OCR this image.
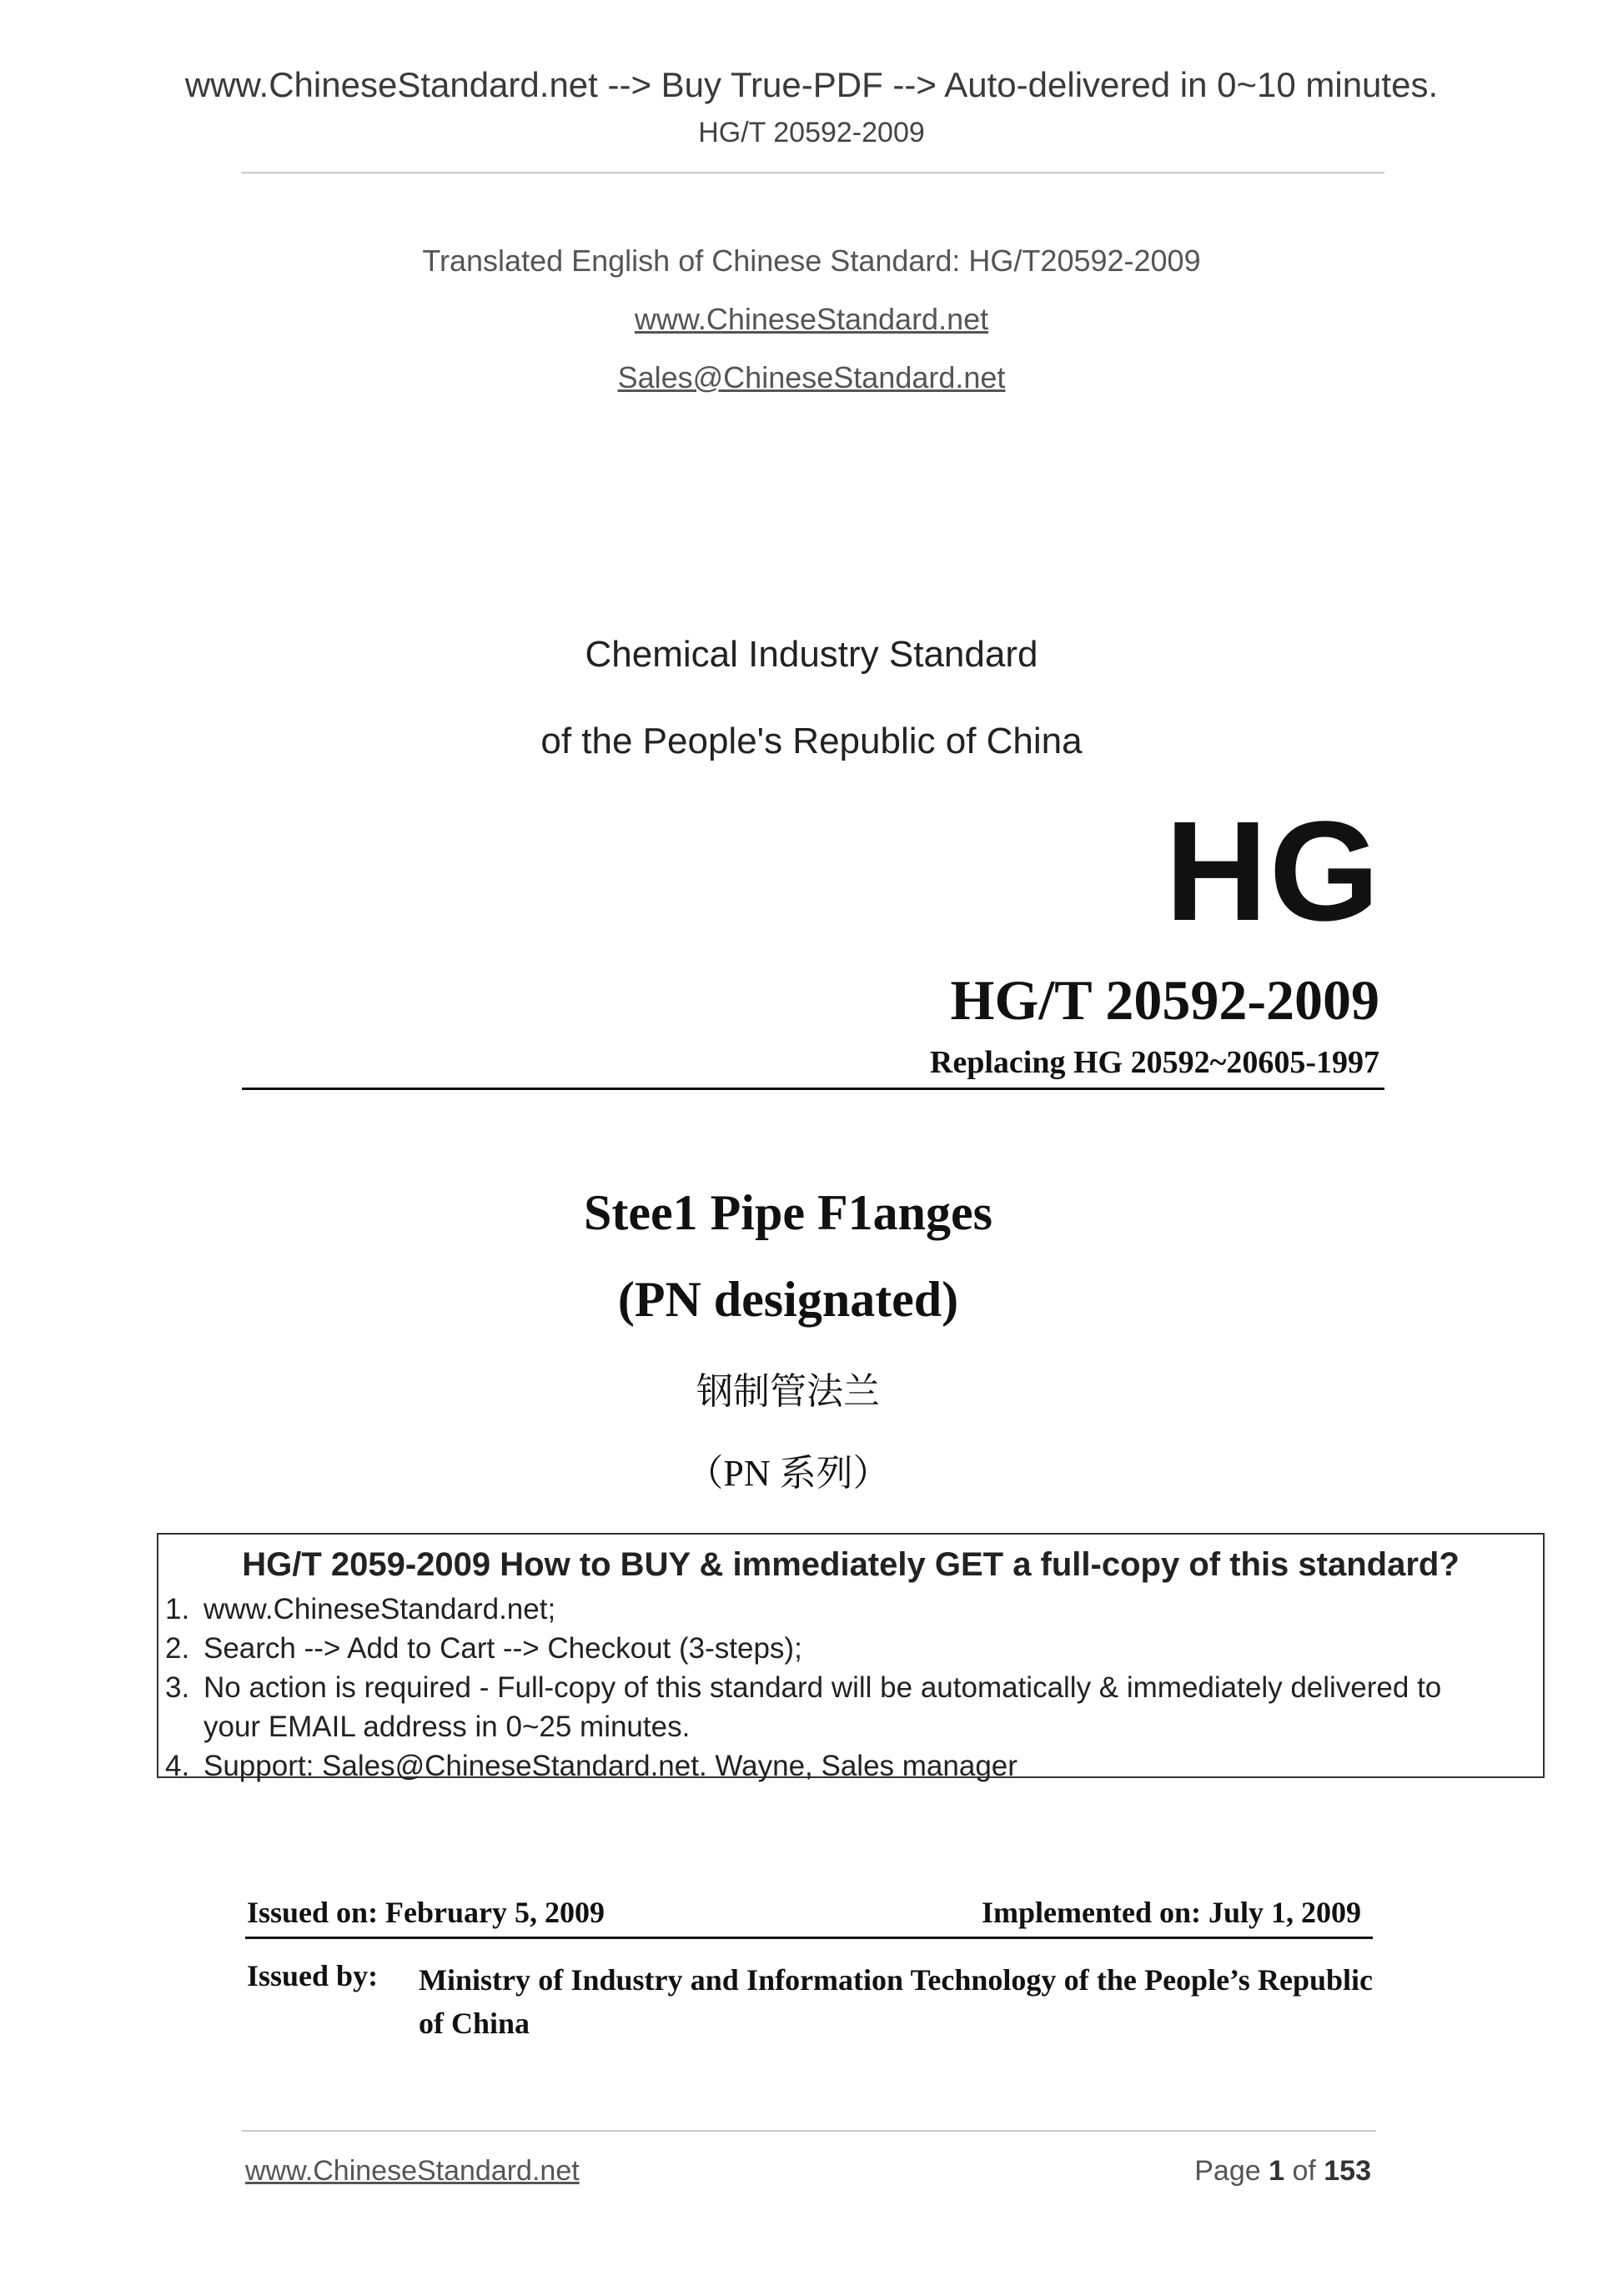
www.ChineseStandard.net --> Buy True-PDF --> Auto-delivered in 0~10 minutes.
HG/T 20592-2009
Translated English of Chinese Standard: HG/T20592-2009
www.ChineseStandard.net
Sales@ChineseStandard.net
Chemical Industry Standard
of the People's Republic of China
HG
HG/T 20592-2009
Replacing HG 20592~20605-1997
Stee1 Pipe F1anges
(PN designated)
钢制管法兰
（PN 系列）
HG/T 2059-2009 How to BUY & immediately GET a full-copy of this standard?
1. www.ChineseStandard.net;
2. Search --> Add to Cart --> Checkout (3-steps);
3. No action is required - Full-copy of this standard will be automatically & immediately delivered to
your EMAIL address in 0~25 minutes.
4. Support: Sales@ChineseStandard.net. Wayne, Sales manager
Issued on: February 5, 2009	Implemented on: July 1, 2009
Issued by: Ministry of Industry and Information Technology of the People’s Republic of China
www.ChineseStandard.net	Page 1 of 153
